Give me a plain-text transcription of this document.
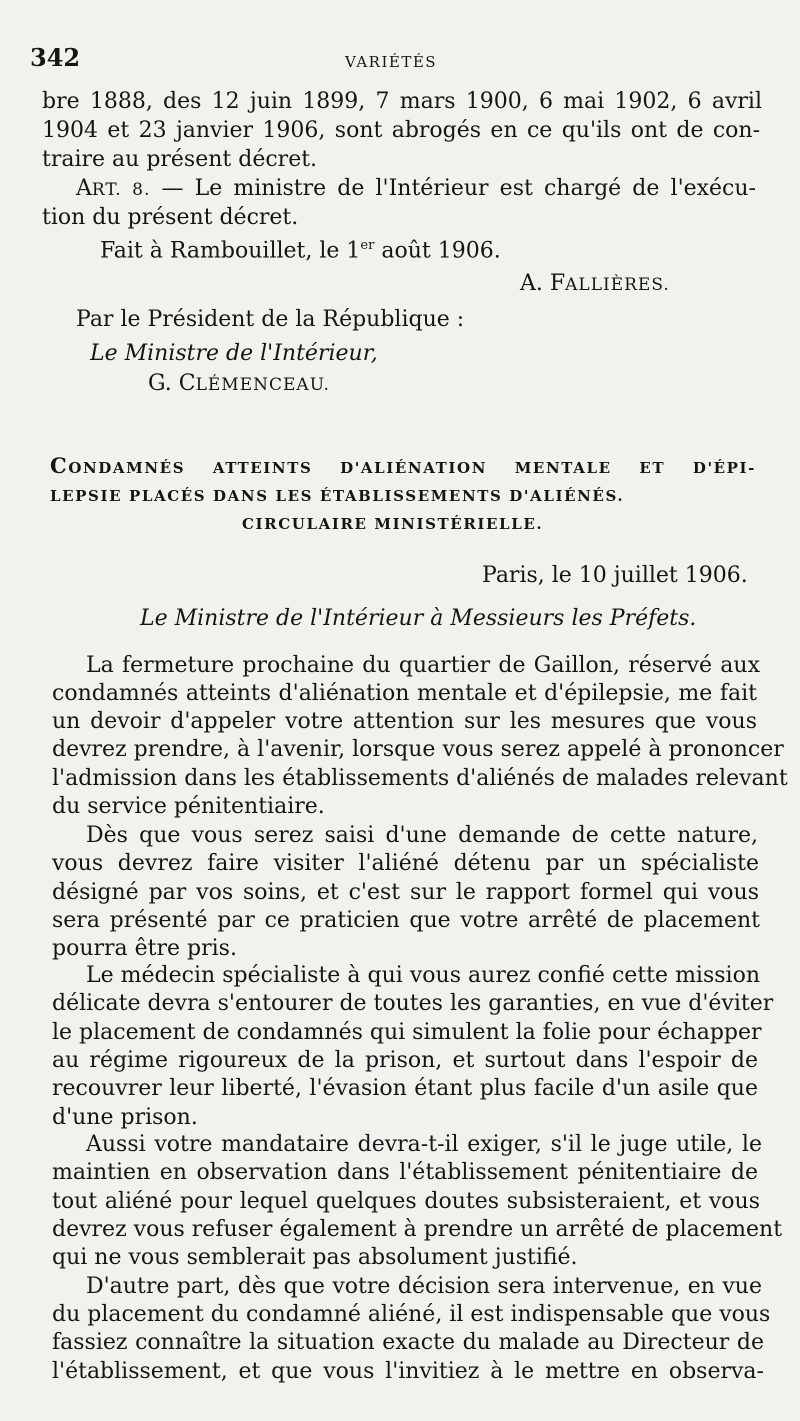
342	VARIÉTÉS
bre 1888, des 12 juin 1899, 7 mars 1900, 6 mai 1902, 6 avril
1904 et 23 janvier 1906, sont abrogés en ce qu'ils ont de con-
traire au présent décret.
ART. 8. — Le ministre de l'Intérieur est chargé de l'exécu-
tion du présent décret.
Fait à Rambouillet, le 1er août 1906.
A. FALLIÈRES.
Par le Président de la République :
Le Ministre de l'Intérieur,
G. CLÉMENCEAU.
CONDAMNÉS ATTEINTS D'ALIÉNATION MENTALE ET D'ÉPI-
LEPSIE PLACÉS DANS LES ÉTABLISSEMENTS D'ALIÉNÉS.
CIRCULAIRE MINISTÉRIELLE.
Paris, le 10 juillet 1906.
Le Ministre de l'Intérieur à Messieurs les Préfets.
La fermeture prochaine du quartier de Gaillon, réservé aux
condamnés atteints d'aliénation mentale et d'épilepsie, me fait
un devoir d'appeler votre attention sur les mesures que vous
devrez prendre, à l'avenir, lorsque vous serez appelé à prononcer
l'admission dans les établissements d'aliénés de malades relevant
du service pénitentiaire.
Dès que vous serez saisi d'une demande de cette nature,
vous devrez faire visiter l'aliéné détenu par un spécialiste
désigné par vos soins, et c'est sur le rapport formel qui vous
sera présenté par ce praticien que votre arrêté de placement
pourra être pris.
Le médecin spécialiste à qui vous aurez confié cette mission
délicate devra s'entourer de toutes les garanties, en vue d'éviter
le placement de condamnés qui simulent la folie pour échapper
au régime rigoureux de la prison, et surtout dans l'espoir de
recouvrer leur liberté, l'évasion étant plus facile d'un asile que
d'une prison.
Aussi votre mandataire devra-t-il exiger, s'il le juge utile, le
maintien en observation dans l'établissement pénitentiaire de
tout aliéné pour lequel quelques doutes subsisteraient, et vous
devrez vous refuser également à prendre un arrêté de placement
qui ne vous semblerait pas absolument justifié.
D'autre part, dès que votre décision sera intervenue, en vue
du placement du condamné aliéné, il est indispensable que vous
fassiez connaître la situation exacte du malade au Directeur de
l'établissement, et que vous l'invitiez à le mettre en observa-
